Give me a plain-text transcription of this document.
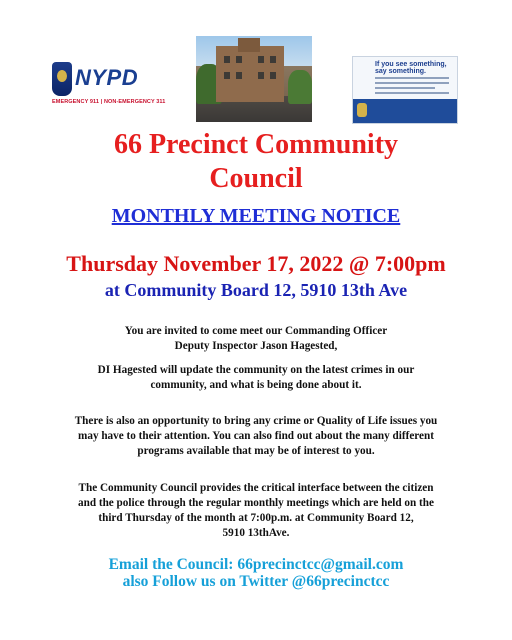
NYPD
EMERGENCY 911 | NON-EMERGENCY 311
If you see something, say something.
66 Precinct Community
Council
MONTHLY MEETING NOTICE
Thursday November 17, 2022 @ 7:00pm
at Community Board 12, 5910 13th Ave
You are invited to come meet our Commanding Officer
Deputy Inspector Jason Hagested,
DI Hagested will update the community on the latest crimes in our
community, and what is being done about it.
There is also an opportunity to bring any crime or Quality of Life issues you
may have to their attention. You can also find out about the many different
programs available that may be of interest to you.
The Community Council provides the critical interface between the citizen
and the police through the regular monthly meetings which are held on the
third Thursday of the month at 7:00p.m. at Community Board 12,
5910 13thAve.
Email the Council: 66precinctcc@gmail.com
also Follow us on Twitter @66precinctcc
